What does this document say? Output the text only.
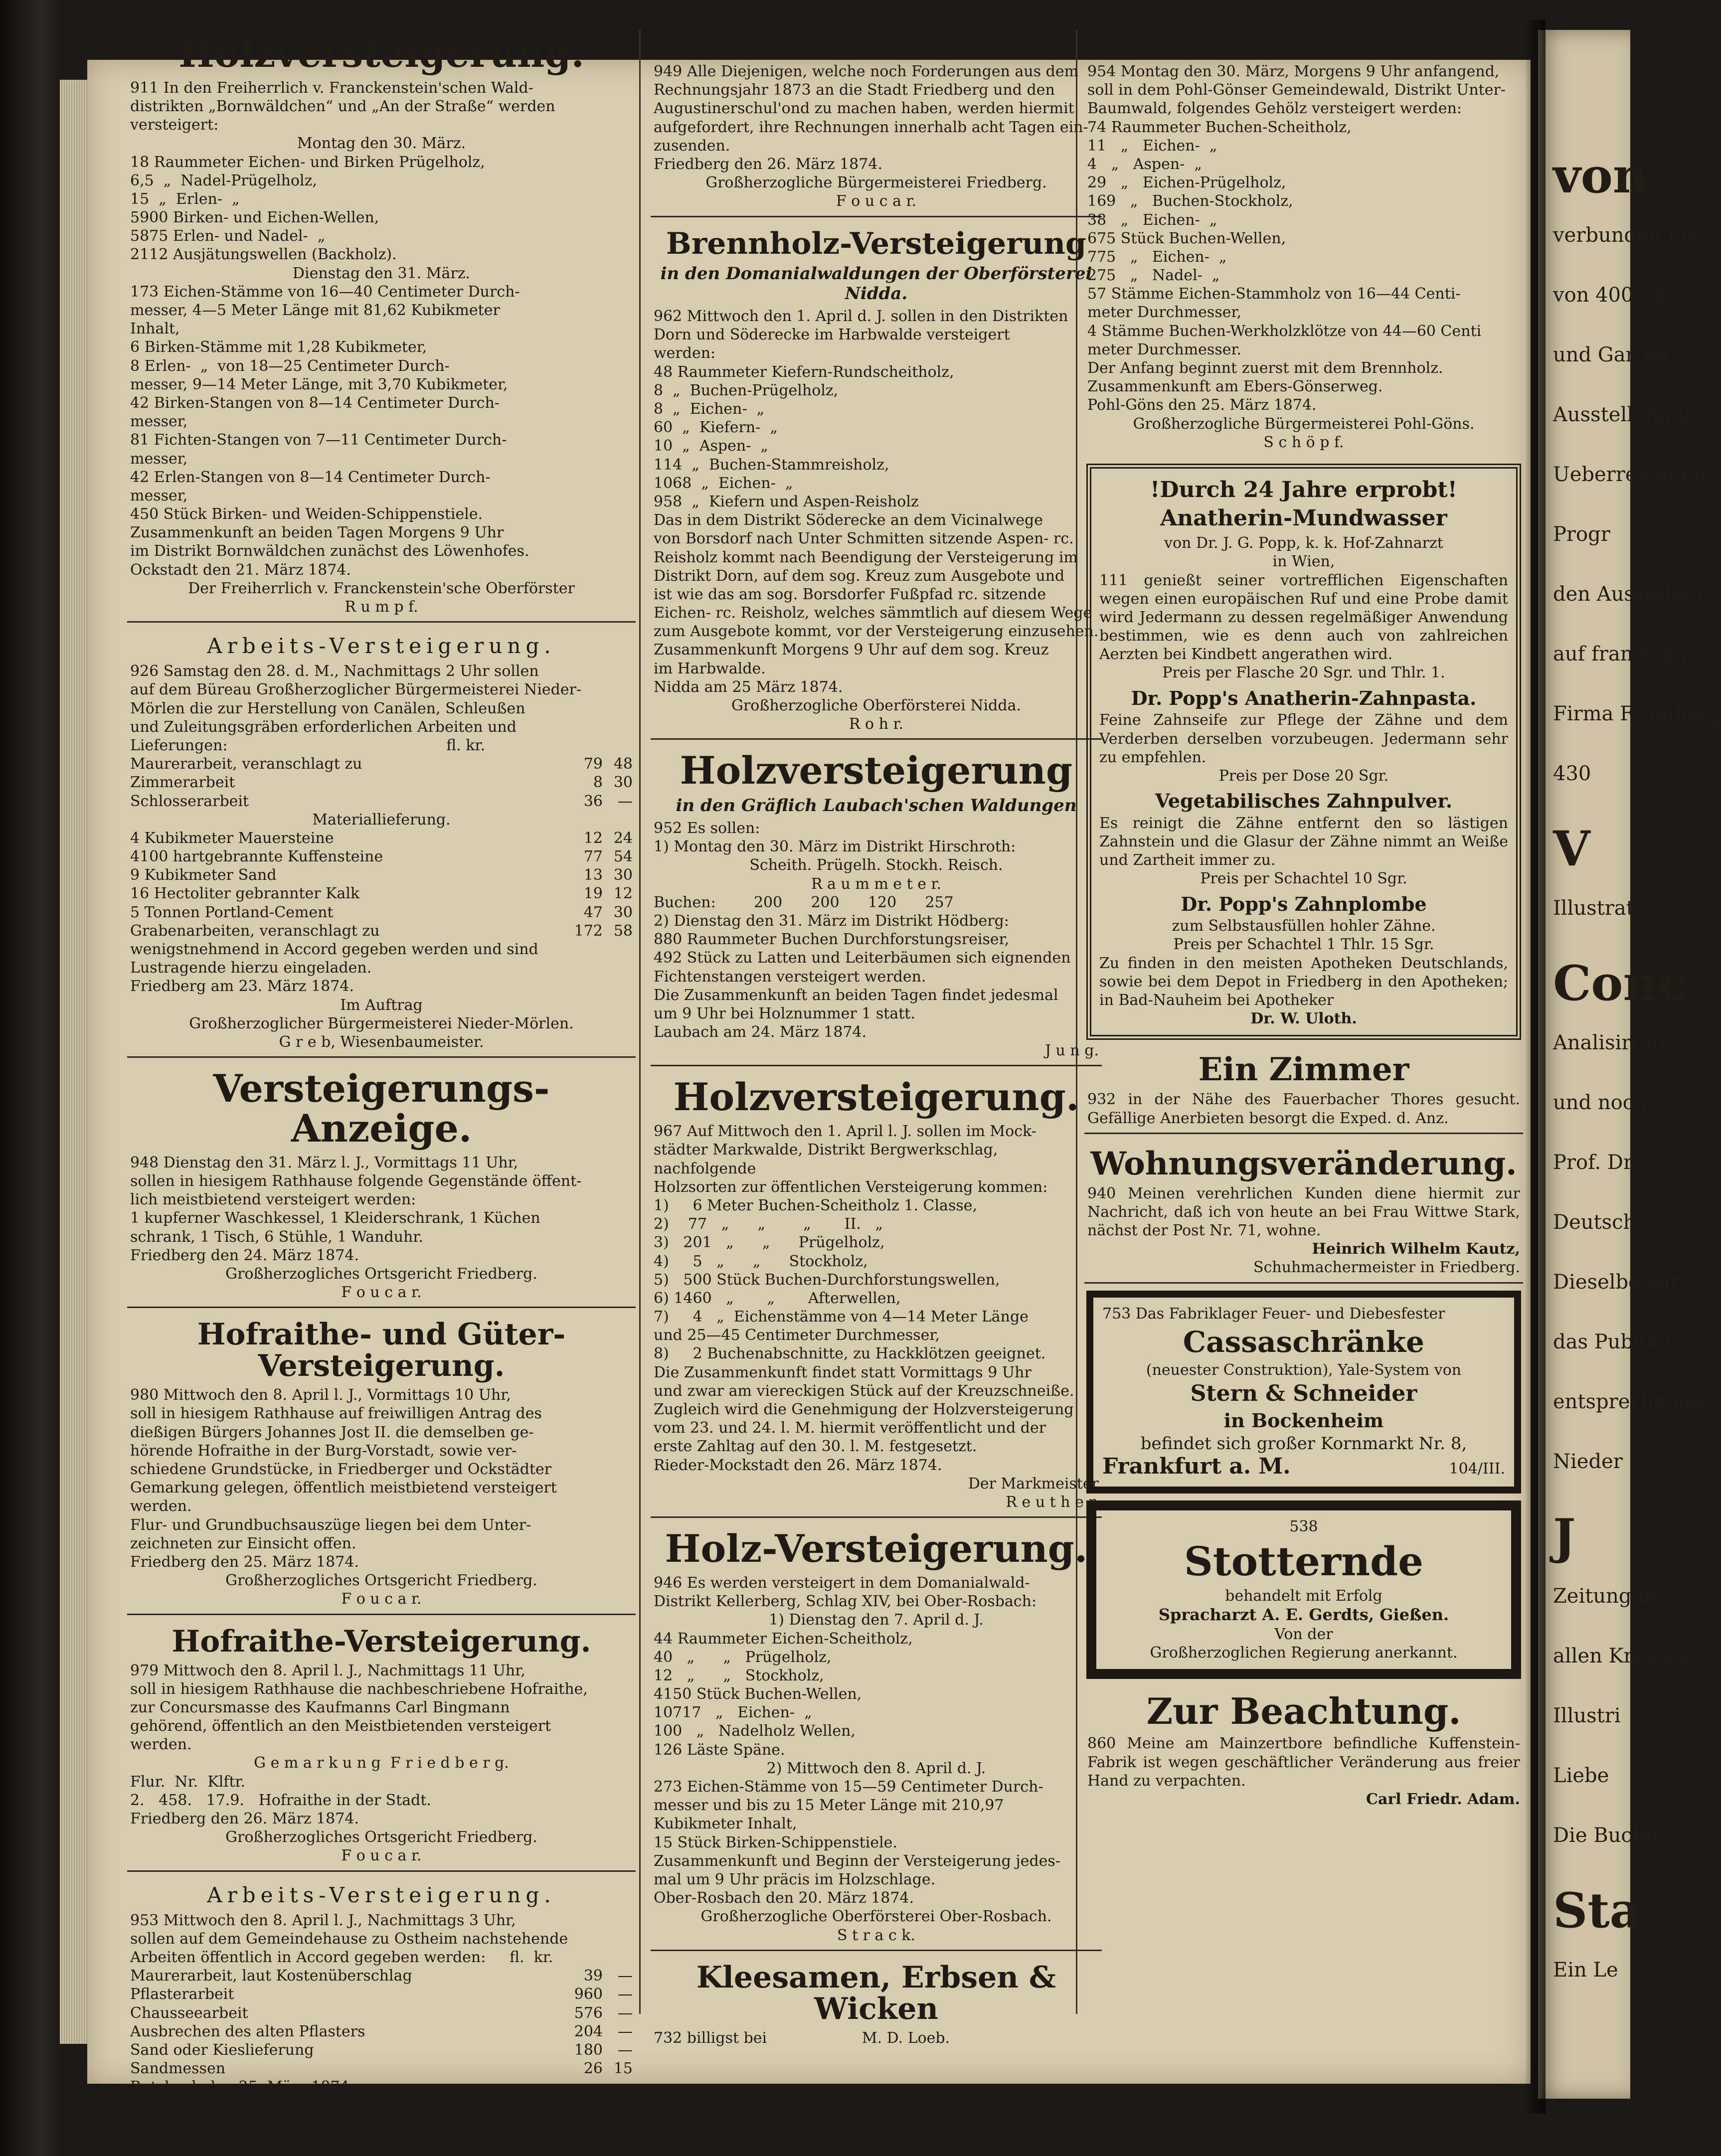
von
verbunden mit
von 400 Gew
und Garten
Ausstellung un
Ueberreicht eu
Progr
den Ausstellun
auf franco ein
Firma Friedberg
430
V
Illustrat
Conc
Analisirt un
und noch
Prof. Dr.
Deutsch
Dieselbe wir
das Publiku
entsprechende
Nieder
J
Zeitung in
allen Kreisen
Illustri
Liebe
Die Buchh
Sta
Ein Le
Holzversteigerung.
911 In den Freiherrlich v. Franckenstein'schen Wald-
distrikten „Bornwäldchen“ und „An der Straße“ werden
versteigert:
Montag den 30. März.
18 Raummeter Eichen- und Birken Prügelholz,
6,5  „  Nadel-Prügelholz,
15  „  Erlen-  „
5900 Birken- und Eichen-Wellen,
5875 Erlen- und Nadel-  „
2112 Ausjätungswellen (Backholz).
Dienstag den 31. März.
173 Eichen-Stämme von 16—40 Centimeter Durch-
messer, 4—5 Meter Länge mit 81,62 Kubikmeter
Inhalt,
6 Birken-Stämme mit 1,28 Kubikmeter,
8 Erlen-  „  von 18—25 Centimeter Durch-
messer, 9—14 Meter Länge, mit 3,70 Kubikmeter,
42 Birken-Stangen von 8—14 Centimeter Durch-
messer,
81 Fichten-Stangen von 7—11 Centimeter Durch-
messer,
42 Erlen-Stangen von 8—14 Centimeter Durch-
messer,
450 Stück Birken- und Weiden-Schippenstiele.
Zusammenkunft an beiden Tagen Morgens 9 Uhr
im Distrikt Bornwäldchen zunächst des Löwenhofes.
Ockstadt den 21. März 1874.
Der Freiherrlich v. Franckenstein'sche Oberförster
R u m p f.
Arbeits-Versteigerung.
926 Samstag den 28. d. M., Nachmittags 2 Uhr sollen
auf dem Büreau Großherzoglicher Bürgermeisterei Nieder-
Mörlen die zur Herstellung von Canälen, Schleußen
und Zuleitungsgräben erforderlichen Arbeiten und
Lieferungen:                                              fl. kr.
Maurerarbeit, veranschlagt zu	79 48
Zimmerarbeit	8 30
Schlosserarbeit	36	—
Materiallieferung.
4 Kubikmeter Mauersteine	12 24
4100 hartgebrannte Kuffensteine	77 54
9 Kubikmeter Sand	13 30
16 Hectoliter gebrannter Kalk	19 12
5 Tonnen Portland-Cement	47 30
Grabenarbeiten, veranschlagt zu	172 58
wenigstnehmend in Accord gegeben werden und sind
Lustragende hierzu eingeladen.
Friedberg am 23. März 1874.
Im Auftrag
Großherzoglicher Bürgermeisterei Nieder-Mörlen.
G r e b, Wiesenbaumeister.
Versteigerungs-Anzeige.
948 Dienstag den 31. März l. J., Vormittags 11 Uhr,
sollen in hiesigem Rathhause folgende Gegenstände öffent-
lich meistbietend versteigert werden:
1 kupferner Waschkessel, 1 Kleiderschrank, 1 Küchen
schrank, 1 Tisch, 6 Stühle, 1 Wanduhr.
Friedberg den 24. März 1874.
Großherzogliches Ortsgericht Friedberg.
F o u c a r.
Hofraithe- und Güter-Versteigerung.
980 Mittwoch den 8. April l. J., Vormittags 10 Uhr,
soll in hiesigem Rathhause auf freiwilligen Antrag des
dießigen Bürgers Johannes Jost II. die demselben ge-
hörende Hofraithe in der Burg-Vorstadt, sowie ver-
schiedene Grundstücke, in Friedberger und Ockstädter
Gemarkung gelegen, öffentlich meistbietend versteigert
werden.
Flur- und Grundbuchsauszüge liegen bei dem Unter-
zeichneten zur Einsicht offen.
Friedberg den 25. März 1874.
Großherzogliches Ortsgericht Friedberg.
F o u c a r.
Hofraithe-Versteigerung.
979 Mittwoch den 8. April l. J., Nachmittags 11 Uhr,
soll in hiesigem Rathhause die nachbeschriebene Hofraithe,
zur Concursmasse des Kaufmanns Carl Bingmann
gehörend, öffentlich an den Meistbietenden versteigert
werden.
G e m a r k u n g  F r i e d b e r g.
Flur.  Nr.  Klftr.
2.   458.   17.9.   Hofraithe in der Stadt.
Friedberg den 26. März 1874.
Großherzogliches Ortsgericht Friedberg.
F o u c a r.
Arbeits-Versteigerung.
953 Mittwoch den 8. April l. J., Nachmittags 3 Uhr,
sollen auf dem Gemeindehause zu Ostheim nachstehende
Arbeiten öffentlich in Accord gegeben werden:     fl.  kr.
Maurerarbeit, laut Kostenüberschlag	39	—
Pflasterarbeit	960	—
Chausseearbeit	576	—
Ausbrechen des alten Pflasters	204	—
Sand oder Kieslieferung	180	—
Sandmessen	26 15
Butzbach den 25. März 1874.
M e t z g e r, Bezirksbauaufseher.
Bekanntmachung.
949 Alle Diejenigen, welche noch Forderungen aus dem
Rechnungsjahr 1873 an die Stadt Friedberg und den
Augustinerschul'ond zu machen haben, werden hiermit
aufgefordert, ihre Rechnungen innerhalb acht Tagen ein-
zusenden.
Friedberg den 26. März 1874.
Großherzogliche Bürgermeisterei Friedberg.
F o u c a r.
Brennholz-Versteigerung
in den Domanialwaldungen der Oberförsterei Nidda.
962 Mittwoch den 1. April d. J. sollen in den Distrikten
Dorn und Söderecke im Harbwalde versteigert
werden:
48 Raummeter Kiefern-Rundscheitholz,
8  „  Buchen-Prügelholz,
8  „  Eichen-  „
60  „  Kiefern-  „
10  „  Aspen-  „
114  „  Buchen-Stammreisholz,
1068  „  Eichen-  „
958  „  Kiefern und Aspen-Reisholz
Das in dem Distrikt Söderecke an dem Vicinalwege
von Borsdorf nach Unter Schmitten sitzende Aspen- rc.
Reisholz kommt nach Beendigung der Versteigerung im
Distrikt Dorn, auf dem sog. Kreuz zum Ausgebote und
ist wie das am sog. Borsdorfer Fußpfad rc. sitzende
Eichen- rc. Reisholz, welches sämmtlich auf diesem Wege
zum Ausgebote kommt, vor der Versteigerung einzusehen.
Zusammenkunft Morgens 9 Uhr auf dem sog. Kreuz
im Harbwalde.
Nidda am 25 März 1874.
Großherzogliche Oberförsterei Nidda.
R o h r.
Holzversteigerung
in den Gräflich Laubach'schen Waldungen
952 Es sollen:
1) Montag den 30. März im Distrikt Hirschroth:
Scheith. Prügelh. Stockh. Reisch.
R a u m m e t e r.
Buchen:        200      200      120      257
2) Dienstag den 31. März im Distrikt Hödberg:
880 Raummeter Buchen Durchforstungsreiser,
492 Stück zu Latten und Leiterbäumen sich eignenden
Fichtenstangen versteigert werden.
Die Zusammenkunft an beiden Tagen findet jedesmal
um 9 Uhr bei Holznummer 1 statt.
Laubach am 24. März 1874.
J u n g.
Holzversteigerung.
967 Auf Mittwoch den 1. April l. J. sollen im Mock-
städter Markwalde, Distrikt Bergwerkschlag, nachfolgende
Holzsorten zur öffentlichen Versteigerung kommen:
1)     6 Meter Buchen-Scheitholz 1. Classe,
2)    77   „      „        „       II.   „
3)   201   „      „      Prügelholz,
4)     5   „      „      Stockholz,
5)   500 Stück Buchen-Durchforstungswellen,
6) 1460   „       „       Afterwellen,
7)     4   „  Eichenstämme von 4—14 Meter Länge
und 25—45 Centimeter Durchmesser,
8)     2 Buchenabschnitte, zu Hackklötzen geeignet.
Die Zusammenkunft findet statt Vormittags 9 Uhr
und zwar am viereckigen Stück auf der Kreuzschneiße.
Zugleich wird die Genehmigung der Holzversteigerung
vom 23. und 24. l. M. hiermit veröffentlicht und der
erste Zahltag auf den 30. l. M. festgesetzt.
Rieder-Mockstadt den 26. März 1874.
Der Markmeister
R e u t h e r.
Holz-Versteigerung.
946 Es werden versteigert in dem Domanialwald-
Distrikt Kellerberg, Schlag XIV, bei Ober-Rosbach:
1) Dienstag den 7. April d. J.
44 Raummeter Eichen-Scheitholz,
40   „      „   Prügelholz,
12   „      „   Stockholz,
4150 Stück Buchen-Wellen,
10717   „   Eichen-  „
100   „   Nadelholz Wellen,
126 Läste Späne.
2) Mittwoch den 8. April d. J.
273 Eichen-Stämme von 15—59 Centimeter Durch-
messer und bis zu 15 Meter Länge mit 210,97
Kubikmeter Inhalt,
15 Stück Birken-Schippenstiele.
Zusammenkunft und Beginn der Versteigerung jedes-
mal um 9 Uhr präcis im Holzschlage.
Ober-Rosbach den 20. März 1874.
Großherzogliche Oberförsterei Ober-Rosbach.
S t r a c k.
Kleesamen, Erbsen & Wicken
732 billigst bei                    M. D. Loeb.
Holz-Versteigerung.
954 Montag den 30. März, Morgens 9 Uhr anfangend,
soll in dem Pohl-Gönser Gemeindewald, Distrikt Unter-
Baumwald, folgendes Gehölz versteigert werden:
74 Raummeter Buchen-Scheitholz,
11   „   Eichen-  „
4   „   Aspen-  „
29   „   Eichen-Prügelholz,
169   „   Buchen-Stockholz,
38   „   Eichen-  „
675 Stück Buchen-Wellen,
775   „   Eichen-  „
275   „   Nadel-  „
57 Stämme Eichen-Stammholz von 16—44 Centi-
meter Durchmesser,
4 Stämme Buchen-Werkholzklötze von 44—60 Centi
meter Durchmesser.
Der Anfang beginnt zuerst mit dem Brennholz.
Zusammenkunft am Ebers-Gönserweg.
Pohl-Göns den 25. März 1874.
Großherzogliche Bürgermeisterei Pohl-Göns.
S c h ö p f.
!Durch 24 Jahre erprobt!
Anatherin-Mundwasser
von Dr. J. G. Popp, k. k. Hof-Zahnarzt
in Wien,
111 genießt seiner vortrefflichen Eigenschaften wegen einen europäischen Ruf und eine Probe damit wird Jedermann zu dessen regelmäßiger Anwendung bestimmen, wie es denn auch von zahlreichen Aerzten bei Kindbett angerathen wird.
Preis per Flasche 20 Sgr. und Thlr. 1.
Dr. Popp's Anatherin-Zahnpasta.
Feine Zahnseife zur Pflege der Zähne und dem Verderben derselben vorzubeugen. Jedermann sehr zu empfehlen.
Preis per Dose 20 Sgr.
Vegetabilisches Zahnpulver.
Es reinigt die Zähne entfernt den so lästigen Zahnstein und die Glasur der Zähne nimmt an Weiße und Zartheit immer zu.
Preis per Schachtel 10 Sgr.
Dr. Popp's Zahnplombe
zum Selbstausfüllen hohler Zähne.
Preis per Schachtel 1 Thlr. 15 Sgr.
Zu finden in den meisten Apotheken Deutschlands, sowie bei dem Depot in Friedberg in den Apotheken; in Bad-Nauheim bei Apotheker
Dr. W. Uloth.
Ein Zimmer
932 in der Nähe des Fauerbacher Thores gesucht. Gefällige Anerbieten besorgt die Exped. d. Anz.
Wohnungsveränderung.
940 Meinen verehrlichen Kunden diene hiermit zur Nachricht, daß ich von heute an bei Frau Wittwe Stark, nächst der Post Nr. 71, wohne.
Heinrich Wilhelm Kautz,
Schuhmachermeister in Friedberg.
753 Das Fabriklager Feuer- und Diebesfester
Cassaschränke
(neuester Construktion), Yale-System von
Stern & Schneider
in Bockenheim
befindet sich großer Kornmarkt Nr. 8,
Frankfurt a. M.	104/III.
538
Stotternde
behandelt mit Erfolg
Spracharzt A. E. Gerdts, Gießen.
Von der
Großherzoglichen Regierung anerkannt.
Zur Beachtung.
860 Meine am Mainzertbore befindliche Kuffenstein-Fabrik ist wegen geschäftlicher Veränderung aus freier Hand zu verpachten.
Carl Friedr. Adam.
